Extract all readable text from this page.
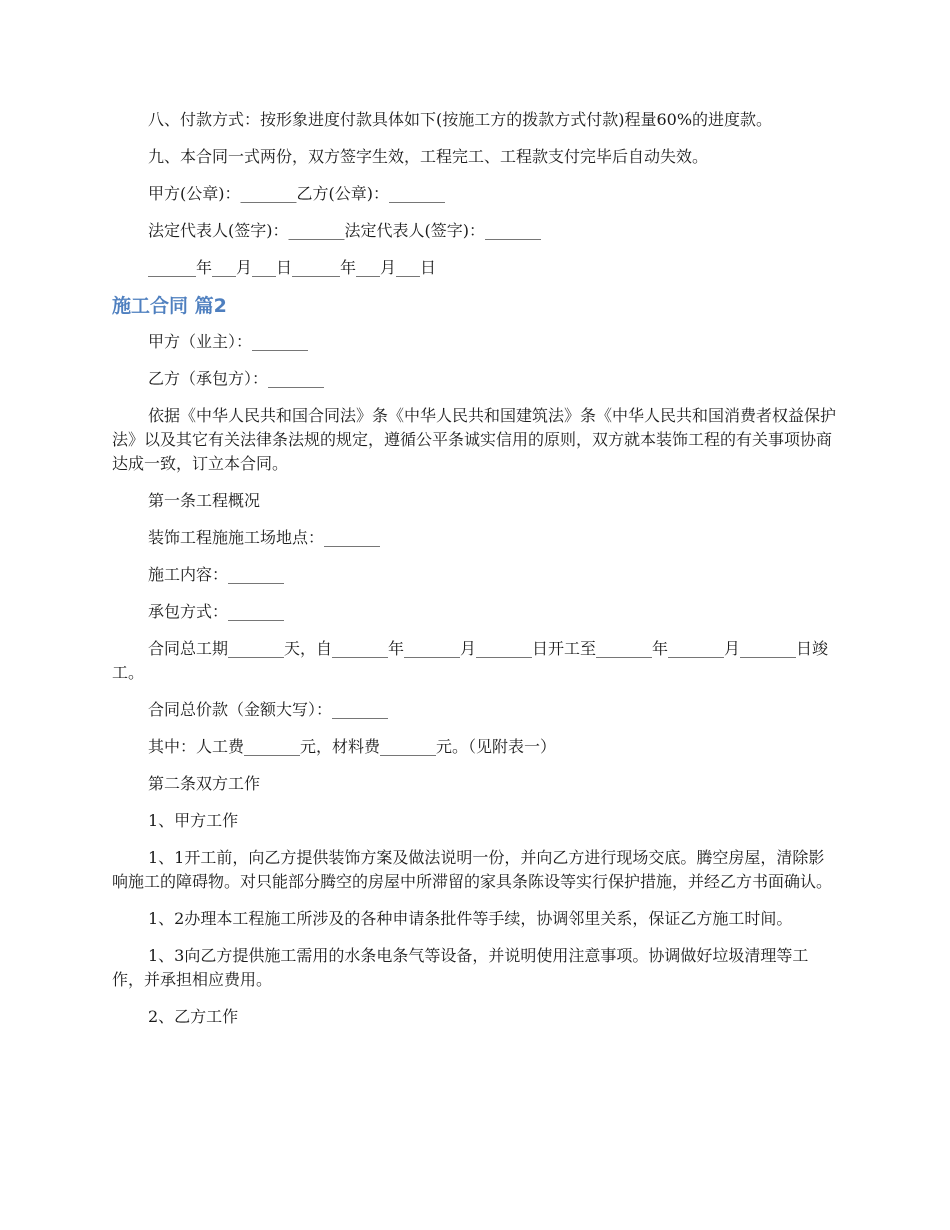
八、付款方式：按形象进度付款具体如下(按施工方的拨款方式付款)程量60%的进度款。

九、本合同一式两份，双方签字生效，工程完工、工程款支付完毕后自动失效。

甲方(公章)：_______乙方(公章)：_______

法定代表人(签字)：_______法定代表人(签字)：_______

______年___月___日______年___月___日

施工合同 篇2

甲方（业主）：_______

乙方（承包方）：_______

依据《中华人民共和国合同法》条《中华人民共和国建筑法》条《中华人民共和国消费者权益保护法》以及其它有关法律条法规的规定，遵循公平条诚实信用的原则，双方就本装饰工程的有关事项协商达成一致，订立本合同。

第一条工程概况

装饰工程施施工场地点：_______

施工内容：_______

承包方式：_______

合同总工期_______天，自_______年_______月_______日开工至_______年_______月_______日竣工。

合同总价款（金额大写）：_______

其中：人工费_______元，材料费_______元。（见附表一）

第二条双方工作

1、甲方工作

1、1开工前，向乙方提供装饰方案及做法说明一份，并向乙方进行现场交底。腾空房屋，清除影响施工的障碍物。对只能部分腾空的房屋中所滞留的家具条陈设等实行保护措施，并经乙方书面确认。

1、2办理本工程施工所涉及的各种申请条批件等手续，协调邻里关系，保证乙方施工时间。

1、3向乙方提供施工需用的水条电条气等设备，并说明使用注意事项。协调做好垃圾清理等工作，并承担相应费用。

2、乙方工作
